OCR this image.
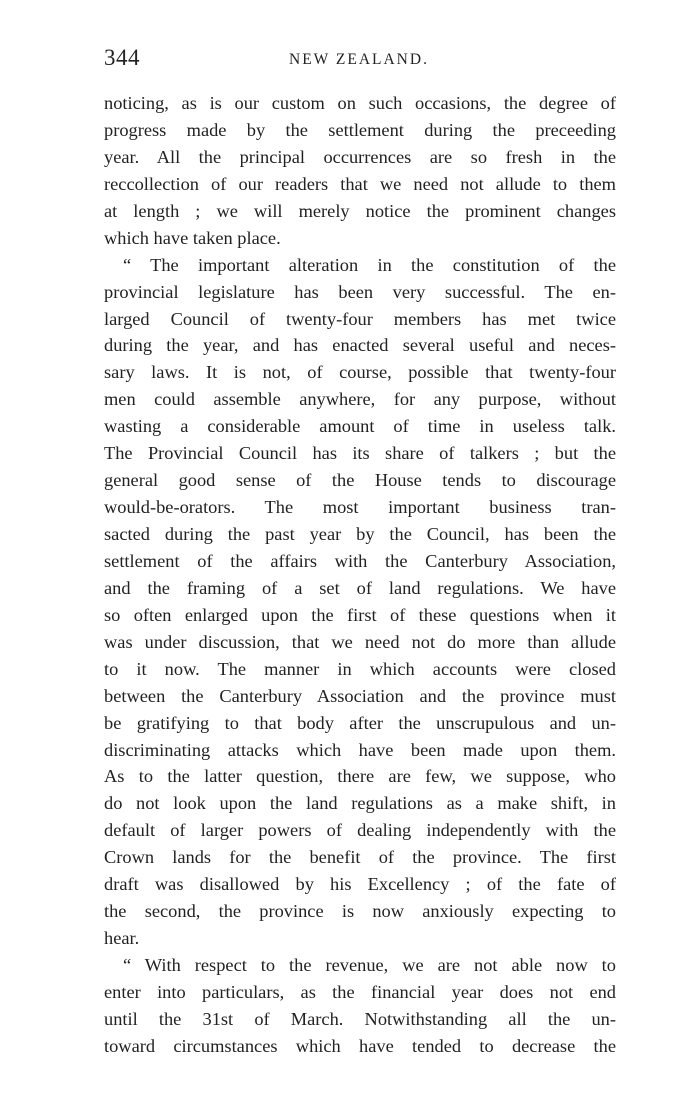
344	NEW ZEALAND.
noticing, as is our custom on such occasions, the degree of
progress made by the settlement during the preceeding
year. All the principal occurrences are so fresh in the
reccollection of our readers that we need not allude to them
at length ; we will merely notice the prominent changes
which have taken place.
“ The important alteration in the constitution of the
provincial legislature has been very successful. The en-
larged Council of twenty-four members has met twice
during the year, and has enacted several useful and neces-
sary laws. It is not, of course, possible that twenty-four
men could assemble anywhere, for any purpose, without
wasting a considerable amount of time in useless talk.
The Provincial Council has its share of talkers ; but the
general good sense of the House tends to discourage
would-be-orators. The most important business tran-
sacted during the past year by the Council, has been the
settlement of the affairs with the Canterbury Association,
and the framing of a set of land regulations. We have
so often enlarged upon the first of these questions when it
was under discussion, that we need not do more than allude
to it now. The manner in which accounts were closed
between the Canterbury Association and the province must
be gratifying to that body after the unscrupulous and un-
discriminating attacks which have been made upon them.
As to the latter question, there are few, we suppose, who
do not look upon the land regulations as a make shift, in
default of larger powers of dealing independently with the
Crown lands for the benefit of the province. The first
draft was disallowed by his Excellency ; of the fate of
the second, the province is now anxiously expecting to
hear.
“ With respect to the revenue, we are not able now to
enter into particulars, as the financial year does not end
until the 31st of March. Notwithstanding all the un-
toward circumstances which have tended to decrease the
